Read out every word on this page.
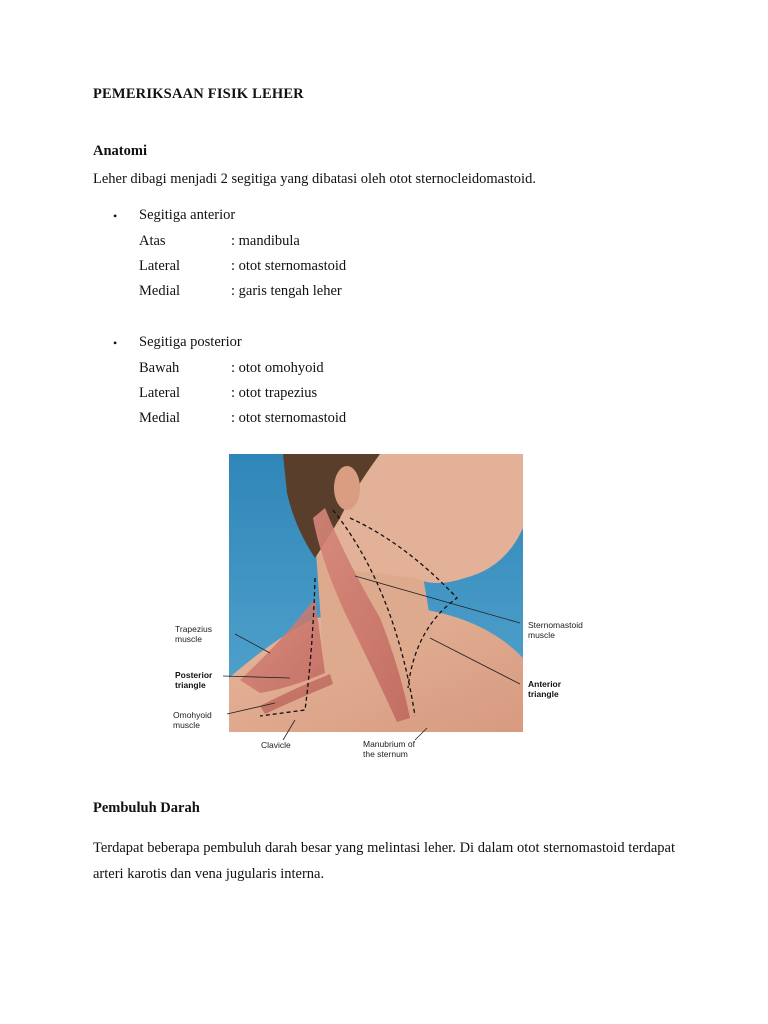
PEMERIKSAAN FISIK LEHER
Anatomi
Leher dibagi menjadi 2 segitiga yang dibatasi oleh otot sternocleidomastoid.
• Segitiga anterior
Atas	: mandibula
Lateral	: otot sternomastoid
Medial	: garis tengah leher
• Segitiga posterior
Bawah	: otot omohyoid
Lateral	: otot trapezius
Medial	: otot sternomastoid
Trapezius
muscle
Posterior
triangle
Omohyoid
muscle
Clavicle	Manubrium of
the sternum
Sternomastoid
muscle
Anterior
triangle
Pembuluh Darah
Terdapat beberapa pembuluh darah besar yang melintasi leher. Di dalam otot sternomastoid terdapat arteri karotis dan vena jugularis interna.
